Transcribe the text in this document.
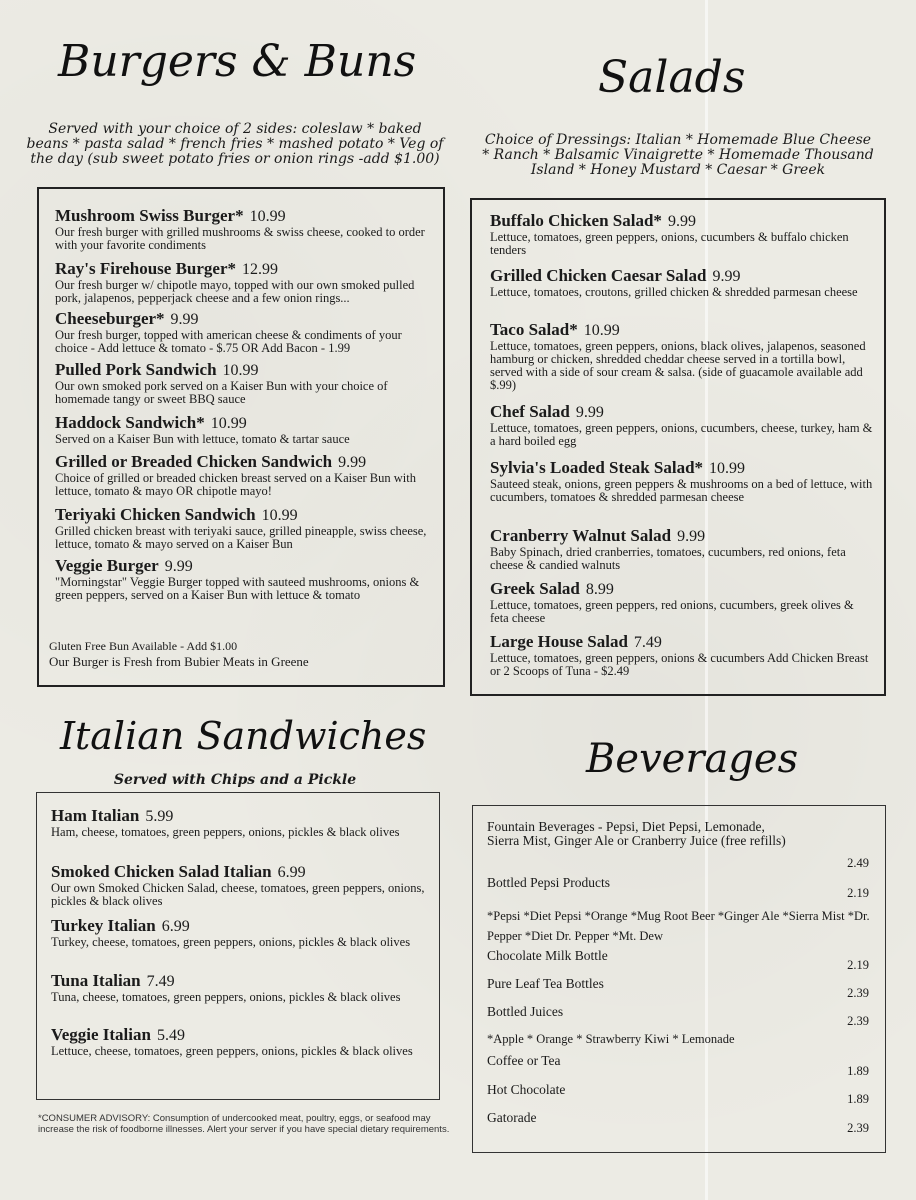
Burgers & Buns
Served with your choice of 2 sides: coleslaw * baked beans * pasta salad * french fries * mashed potato * Veg of the day (sub sweet potato fries or onion rings -add $1.00)
Mushroom Swiss Burger* 10.99
Our fresh burger with grilled mushrooms & swiss cheese, cooked to order with your favorite condiments
Ray's Firehouse Burger* 12.99
Our fresh burger w/ chipotle mayo, topped with our own smoked pulled pork, jalapenos, pepperjack cheese and a few onion rings...
Cheeseburger* 9.99
Our fresh burger, topped with american cheese & condiments of your choice - Add lettuce & tomato - $.75 OR Add Bacon - 1.99
Pulled Pork Sandwich 10.99
Our own smoked pork served on a Kaiser Bun with your choice of homemade tangy or sweet BBQ sauce
Haddock Sandwich* 10.99
Served on a Kaiser Bun with lettuce, tomato & tartar sauce
Grilled or Breaded Chicken Sandwich 9.99
Choice of grilled or breaded chicken breast served on a Kaiser Bun with lettuce, tomato & mayo OR chipotle mayo!
Teriyaki Chicken Sandwich 10.99
Grilled chicken breast with teriyaki sauce, grilled pineapple, swiss cheese, lettuce, tomato & mayo served on a Kaiser Bun
Veggie Burger 9.99
"Morningstar" Veggie Burger topped with sauteed mushrooms, onions & green peppers, served on a Kaiser Bun with lettuce & tomato
Gluten Free Bun Available - Add $1.00
Our Burger is Fresh from Bubier Meats in Greene
Salads
Choice of Dressings: Italian * Homemade Blue Cheese * Ranch * Balsamic Vinaigrette * Homemade Thousand Island * Honey Mustard * Caesar * Greek
Buffalo Chicken Salad* 9.99
Lettuce, tomatoes, green peppers, onions, cucumbers & buffalo chicken tenders
Grilled Chicken Caesar Salad 9.99
Lettuce, tomatoes, croutons, grilled chicken & shredded parmesan cheese
Taco Salad* 10.99
Lettuce, tomatoes, green peppers, onions, black olives, jalapenos, seasoned hamburg or chicken, shredded cheddar cheese served in a tortilla bowl, served with a side of sour cream & salsa. (side of guacamole available add $.99)
Chef Salad 9.99
Lettuce, tomatoes, green peppers, onions, cucumbers, cheese, turkey, ham & a hard boiled egg
Sylvia's Loaded Steak Salad* 10.99
Sauteed steak, onions, green peppers & mushrooms on a bed of lettuce, with cucumbers, tomatoes & shredded parmesan cheese
Cranberry Walnut Salad 9.99
Baby Spinach, dried cranberries, tomatoes, cucumbers, red onions, feta cheese & candied walnuts
Greek Salad 8.99
Lettuce, tomatoes, green peppers, red onions, cucumbers, greek olives & feta cheese
Large House Salad 7.49
Lettuce, tomatoes, green peppers, onions & cucumbers Add Chicken Breast or 2 Scoops of Tuna - $2.49
Italian Sandwiches
Served with Chips and a Pickle
Ham Italian 5.99
Ham, cheese, tomatoes, green peppers, onions, pickles & black olives
Smoked Chicken Salad Italian 6.99
Our own Smoked Chicken Salad, cheese, tomatoes, green peppers, onions, pickles & black olives
Turkey Italian 6.99
Turkey, cheese, tomatoes, green peppers, onions, pickles & black olives
Tuna Italian 7.49
Tuna, cheese, tomatoes, green peppers, onions, pickles & black olives
Veggie Italian 5.49
Lettuce, cheese, tomatoes, green peppers, onions, pickles & black olives
Beverages
Fountain Beverages - Pepsi, Diet Pepsi, Lemonade, Sierra Mist, Ginger Ale or Cranberry Juice (free refills)
2.49
Bottled Pepsi Products
2.19
*Pepsi *Diet Pepsi *Orange *Mug Root Beer *Ginger Ale *Sierra Mist *Dr. Pepper *Diet Dr. Pepper *Mt. Dew
Chocolate Milk Bottle
2.19
Pure Leaf Tea Bottles
2.39
Bottled Juices
2.39
*Apple * Orange * Strawberry Kiwi * Lemonade
Coffee or Tea
1.89
Hot Chocolate
1.89
Gatorade
2.39
*CONSUMER ADVISORY: Consumption of undercooked meat, poultry, eggs, or seafood may increase the risk of foodborne illnesses. Alert your server if you have special dietary requirements.
